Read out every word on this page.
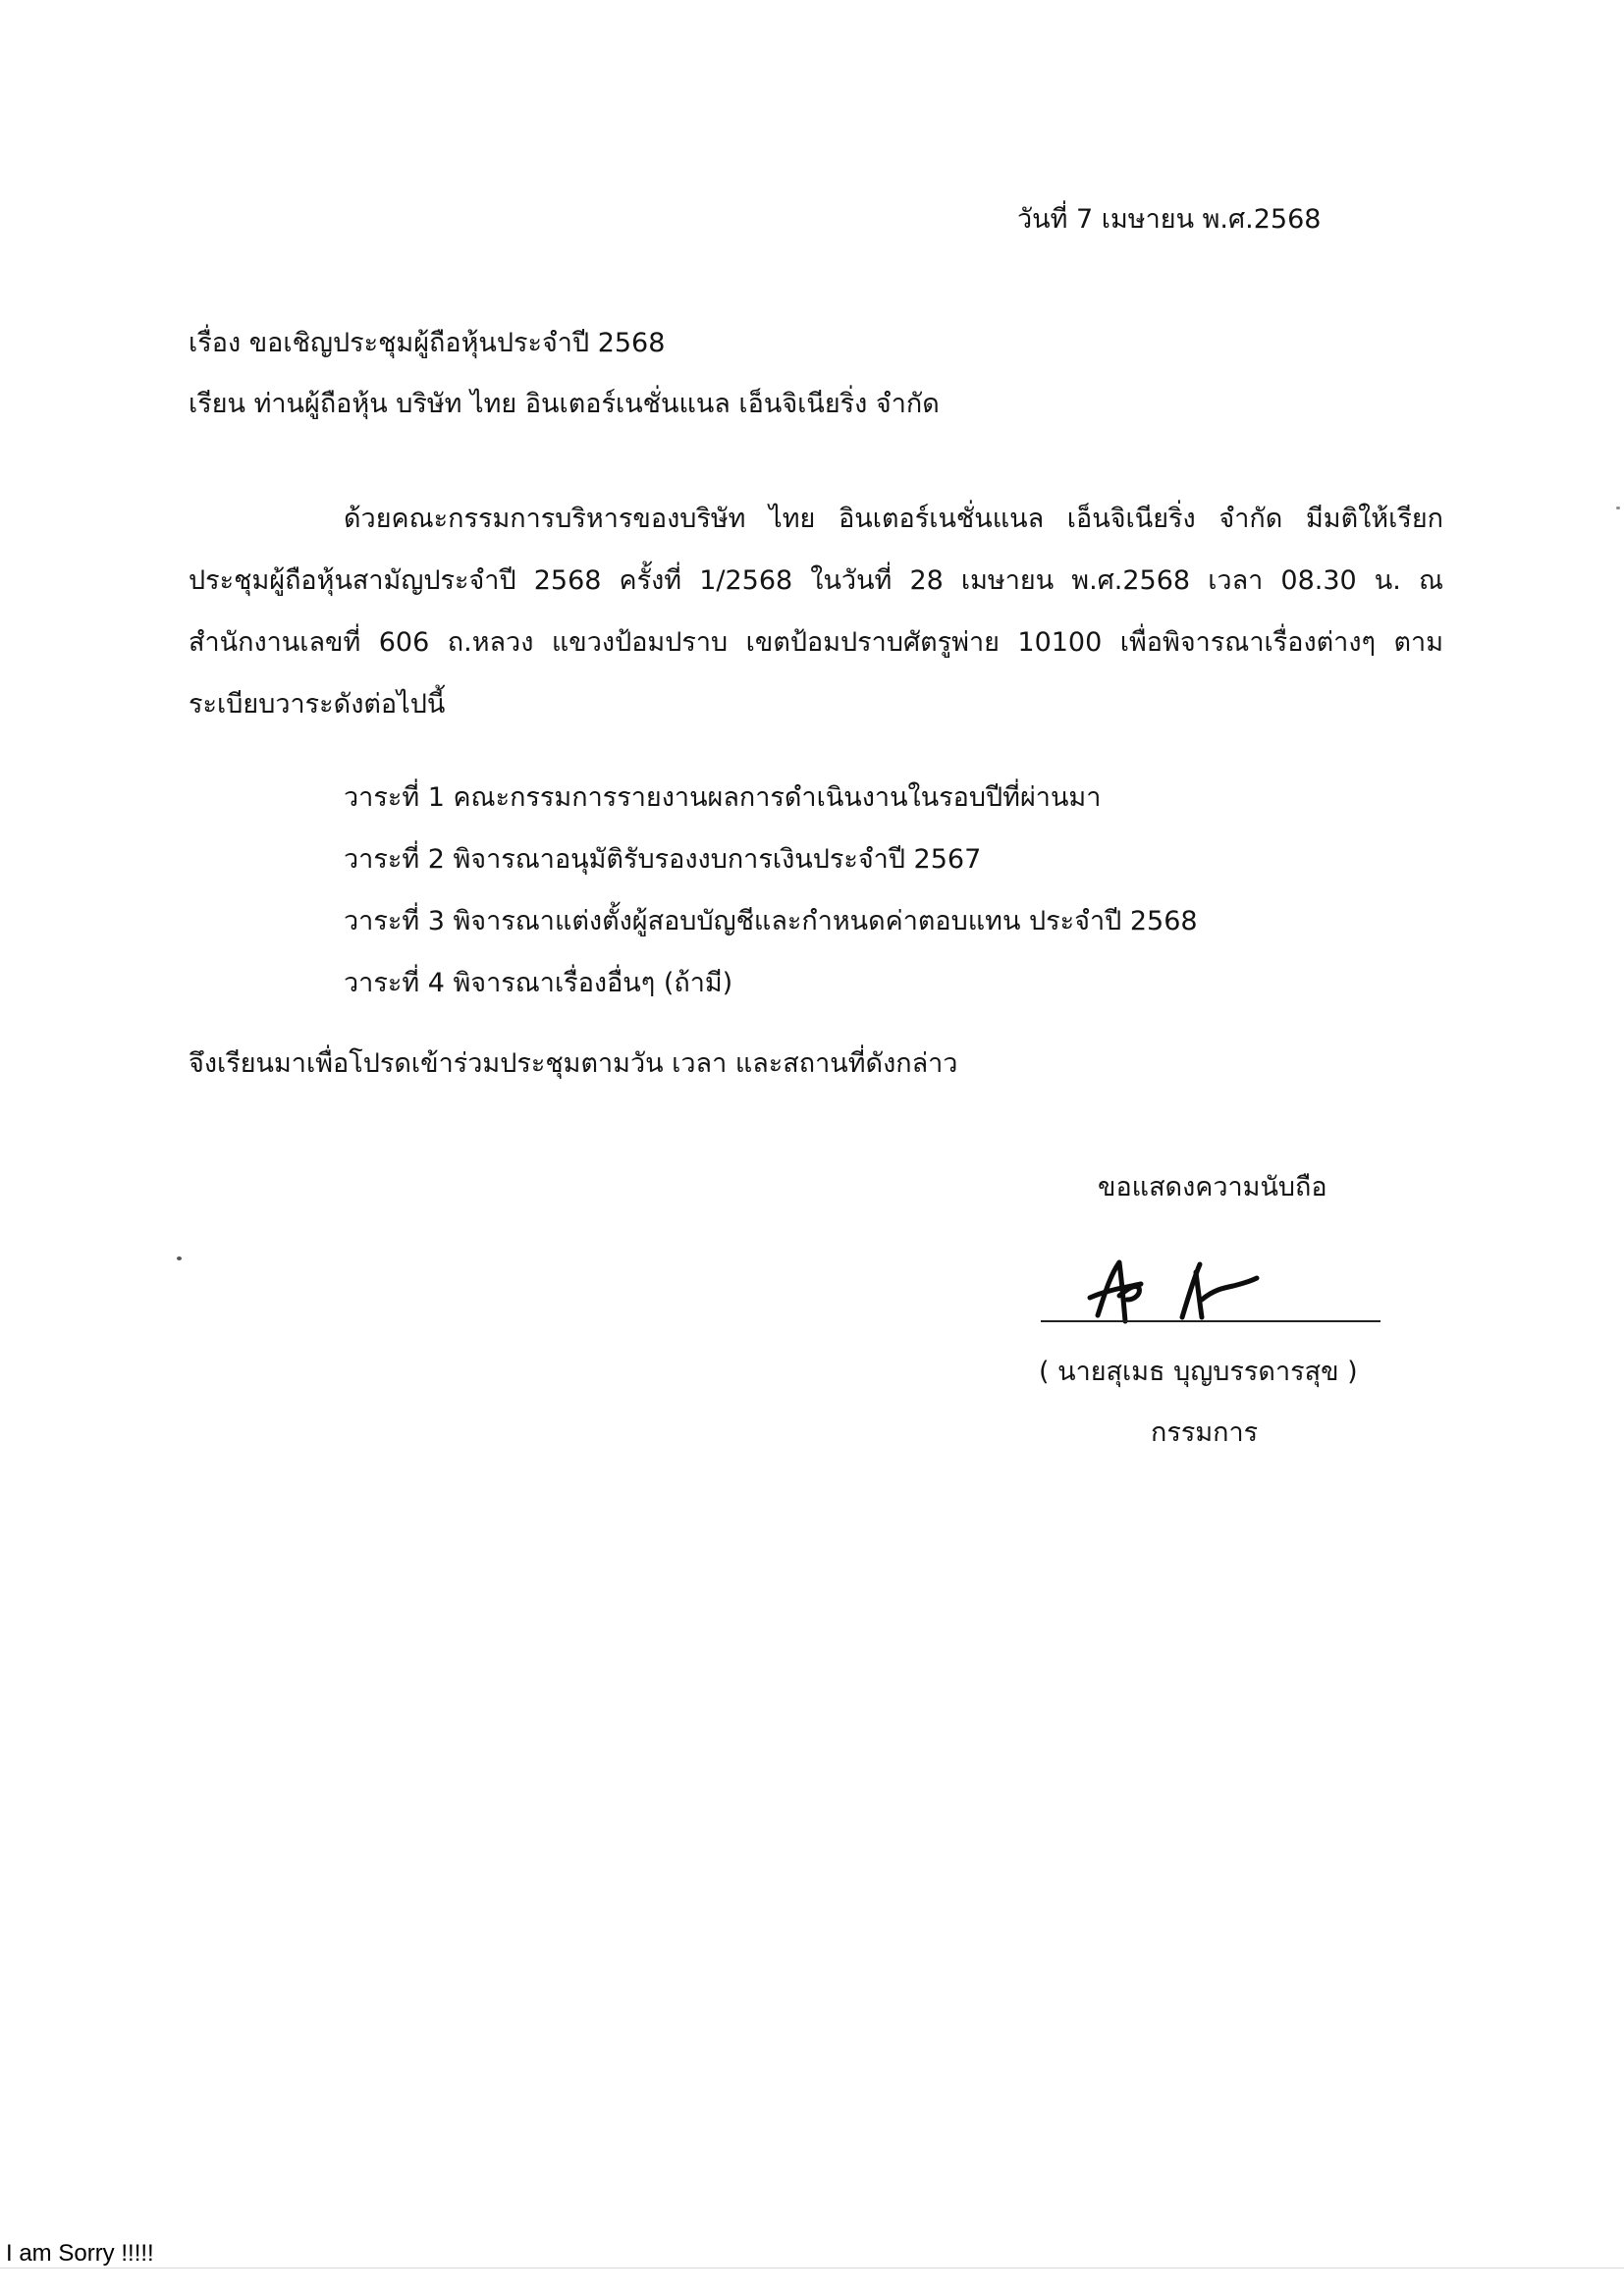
วันที่ 7 เมษายน พ.ศ.2568
เรื่อง ขอเชิญประชุมผู้ถือหุ้นประจำปี 2568
เรียน ท่านผู้ถือหุ้น บริษัท ไทย อินเตอร์เนชั่นแนล เอ็นจิเนียริ่ง จำกัด
ด้วยคณะกรรมการบริหารของบริษัท ไทย อินเตอร์เนชั่นแนล เอ็นจิเนียริ่ง จำกัด มีมติให้เรียกประชุมผู้ถือหุ้นสามัญประจำปี 2568 ครั้งที่ 1/2568 ในวันที่ 28 เมษายน พ.ศ.2568 เวลา 08.30 น. ณ สำนักงานเลขที่ 606 ถ.หลวง แขวงป้อมปราบ เขตป้อมปราบศัตรูพ่าย 10100 เพื่อพิจารณาเรื่องต่างๆ ตามระเบียบวาระดังต่อไปนี้
วาระที่ 1 คณะกรรมการรายงานผลการดำเนินงานในรอบปีที่ผ่านมา
วาระที่ 2 พิจารณาอนุมัติรับรองงบการเงินประจำปี 2567
วาระที่ 3 พิจารณาแต่งตั้งผู้สอบบัญชีและกำหนดค่าตอบแทน ประจำปี 2568
วาระที่ 4 พิจารณาเรื่องอื่นๆ (ถ้ามี)
จึงเรียนมาเพื่อโปรดเข้าร่วมประชุมตามวัน เวลา และสถานที่ดังกล่าว
ขอแสดงความนับถือ
( นายสุเมธ บุญบรรดารสุข )
กรรมการ
I am Sorry !!!!!
